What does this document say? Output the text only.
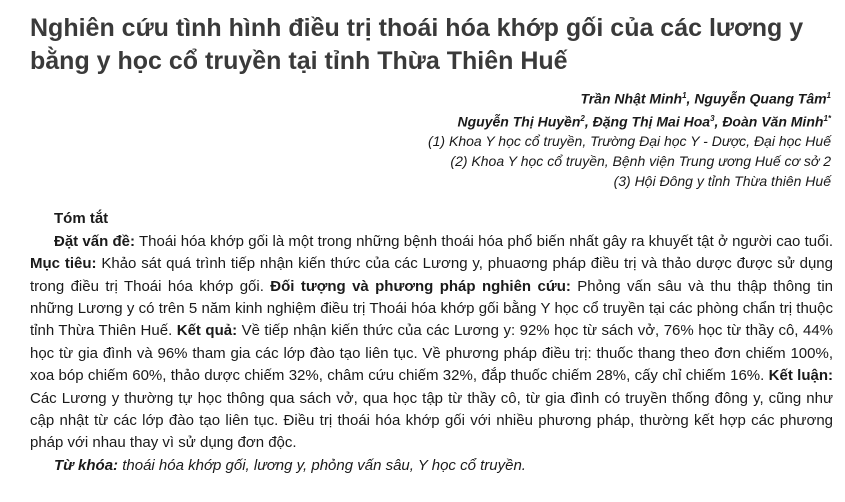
Nghiên cứu tình hình điều trị thoái hóa khớp gối của các lương y bằng y học cổ truyền tại tỉnh Thừa Thiên Huế
Trần Nhật Minh$^1$, Nguyễn Quang Tâm$^1$
Nguyễn Thị Huyền$^2$, Đặng Thị Mai Hoa$^3$, Đoàn Văn Minh$^{1*}$
(1) Khoa Y học cổ truyền, Trường Đại học Y - Dược, Đại học Huế
(2) Khoa Y học cổ truyền, Bệnh viện Trung ương Huế cơ sở 2
(3) Hội Đông y tỉnh Thừa thiên Huế
Tóm tắt
Đặt vấn đề: Thoái hóa khớp gối là một trong những bệnh thoái hóa phổ biến nhất gây ra khuyết tật ở người cao tuổi. Mục tiêu: Khảo sát quá trình tiếp nhận kiến thức của các Lương y, phuaơng pháp điều trị và thảo dược được sử dụng trong điều trị Thoái hóa khớp gối. Đối tượng và phương pháp nghiên cứu: Phỏng vấn sâu và thu thập thông tin những Lương y có trên 5 năm kinh nghiệm điều trị Thoái hóa khớp gối bằng Y học cổ truyền tại các phòng chẩn trị thuộc tỉnh Thừa Thiên Huế. Kết quả: Về tiếp nhận kiến thức của các Lương y: 92% học từ sách vở, 76% học từ thầy cô, 44% học từ gia đình và 96% tham gia các lớp đào tạo liên tục. Về phương pháp điều trị: thuốc thang theo đơn chiếm 100%, xoa bóp chiếm 60%, thảo dược chiếm 32%, châm cứu chiếm 32%, đắp thuốc chiếm 28%, cấy chỉ chiếm 16%. Kết luận: Các Lương y thường tự học thông qua sách vở, qua học tập từ thầy cô, từ gia đình có truyền thống đông y, cũng như cập nhật từ các lớp đào tạo liên tục. Điều trị thoái hóa khớp gối với nhiều phương pháp, thường kết hợp các phương pháp với nhau thay vì sử dụng đơn độc.
Từ khóa: thoái hóa khớp gối, lương y, phỏng vấn sâu, Y học cổ truyền.
